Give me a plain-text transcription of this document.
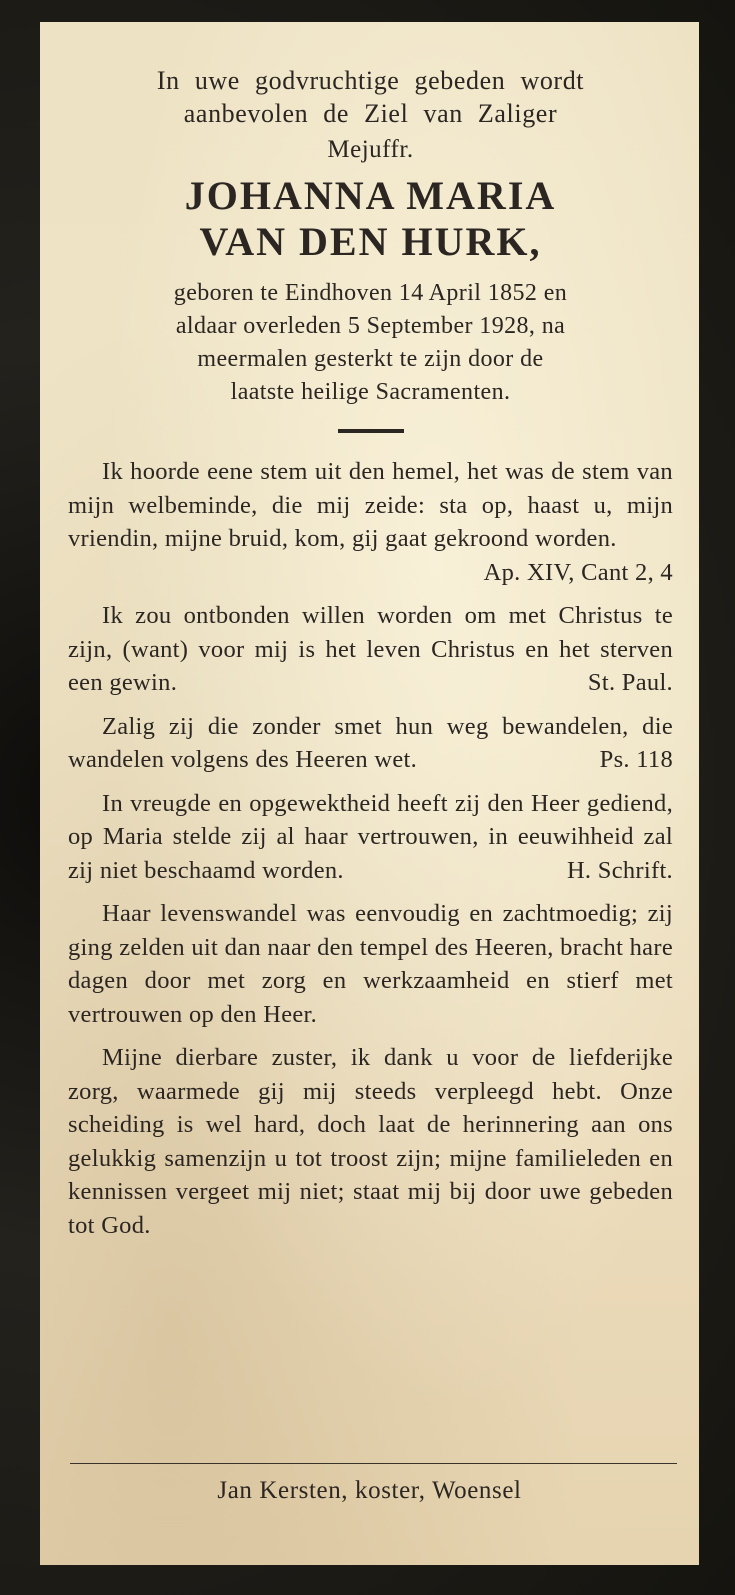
In uwe godvruchtige gebeden wordt

aanbevolen de Ziel van Zaliger

Mejuffr.

JOHANNA MARIA

VAN DEN HURK,

geboren te Eindhoven 14 April 1852 en

aldaar overleden 5 September 1928, na

meermalen gesterkt te zijn door de

laatste heilige Sacramenten.

Ik hoorde eene stem uit den hemel, het was de stem van mijn welbeminde, die mij zeide: sta op, haast u, mijn vriendin, mijne bruid, kom, gij gaat gekroond worden.
Ap. XIV, Cant 2, 4

Ik zou ontbonden willen worden om met Christus te zijn, (want) voor mij is het leven Christus en het sterven een gewin.	St. Paul.

Zalig zij die zonder smet hun weg bewandelen, die wandelen volgens des Heeren wet.	Ps. 118

In vreugde en opgewektheid heeft zij den Heer gediend, op Maria stelde zij al haar vertrouwen, in eeuwihheid zal zij niet beschaamd worden.	H. Schrift.

Haar levenswandel was eenvoudig en zachtmoedig; zij ging zelden uit dan naar den tempel des Heeren, bracht hare dagen door met zorg en werkzaamheid en stierf met vertrouwen op den Heer.

Mijne dierbare zuster, ik dank u voor de liefderijke zorg, waarmede gij mij steeds verpleegd hebt. Onze scheiding is wel hard, doch laat de herinnering aan ons gelukkig samenzijn u tot troost zijn; mijne familieleden en kennissen vergeet mij niet; staat mij bij door uwe gebeden tot God.

Jan Kersten, koster, Woensel
